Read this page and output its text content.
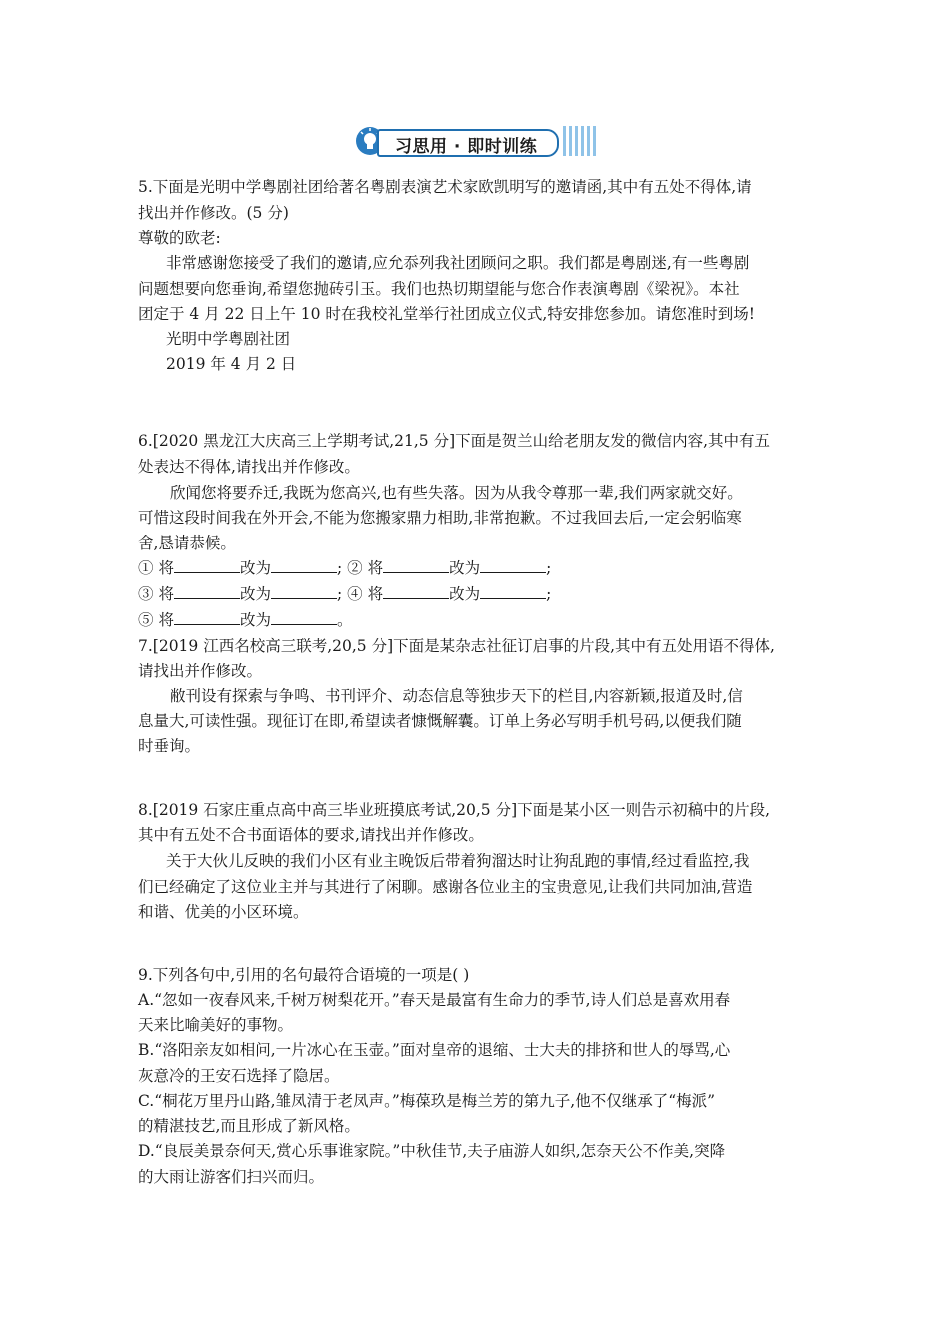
习思用 · 即时训练
5.下面是光明中学粤剧社团给著名粤剧表演艺术家欧凯明写的邀请函,其中有五处不得体,请
找出并作修改。(5 分)
尊敬的欧老:
非常感谢您接受了我们的邀请,应允忝列我社团顾问之职。我们都是粤剧迷,有一些粤剧
问题想要向您垂询,希望您抛砖引玉。我们也热切期望能与您合作表演粤剧《梁祝》。本社
团定于 4 月 22 日上午 10 时在我校礼堂举行社团成立仪式,特安排您参加。请您准时到场!
光明中学粤剧社团
2019 年 4 月 2 日
6.[2020 黑龙江大庆高三上学期考试,21,5 分]下面是贺兰山给老朋友发的微信内容,其中有五
处表达不得体,请找出并作修改。
欣闻您将要乔迁,我既为您高兴,也有些失落。因为从我令尊那一辈,我们两家就交好。
可惜这段时间我在外开会,不能为您搬家鼎力相助,非常抱歉。不过我回去后,一定会躬临寒
舍,恳请恭候。
① 将	改为	; ② 将	改为	;
③ 将	改为	; ④ 将	改为	;
⑤ 将	改为	。
7.[2019 江西名校高三联考,20,5 分]下面是某杂志社征订启事的片段,其中有五处用语不得体,
请找出并作修改。
敝刊设有探索与争鸣、书刊评介、动态信息等独步天下的栏目,内容新颖,报道及时,信
息量大,可读性强。现征订在即,希望读者慷慨解囊。订单上务必写明手机号码,以便我们随
时垂询。
8.[2019 石家庄重点高中高三毕业班摸底考试,20,5 分]下面是某小区一则告示初稿中的片段,
其中有五处不合书面语体的要求,请找出并作修改。
关于大伙儿反映的我们小区有业主晚饭后带着狗溜达时让狗乱跑的事情,经过看监控,我
们已经确定了这位业主并与其进行了闲聊。感谢各位业主的宝贵意见,让我们共同加油,营造
和谐、优美的小区环境。
9.下列各句中,引用的名句最符合语境的一项是( )
A.“忽如一夜春风来,千树万树梨花开。”春天是最富有生命力的季节,诗人们总是喜欢用春
天来比喻美好的事物。
B.“洛阳亲友如相问,一片冰心在玉壶。”面对皇帝的退缩、士大夫的排挤和世人的辱骂,心
灰意冷的王安石选择了隐居。
C.“桐花万里丹山路,雏凤清于老凤声。”梅葆玖是梅兰芳的第九子,他不仅继承了“梅派”
的精湛技艺,而且形成了新风格。
D.“良辰美景奈何天,赏心乐事谁家院。”中秋佳节,夫子庙游人如织,怎奈天公不作美,突降
的大雨让游客们扫兴而归。
